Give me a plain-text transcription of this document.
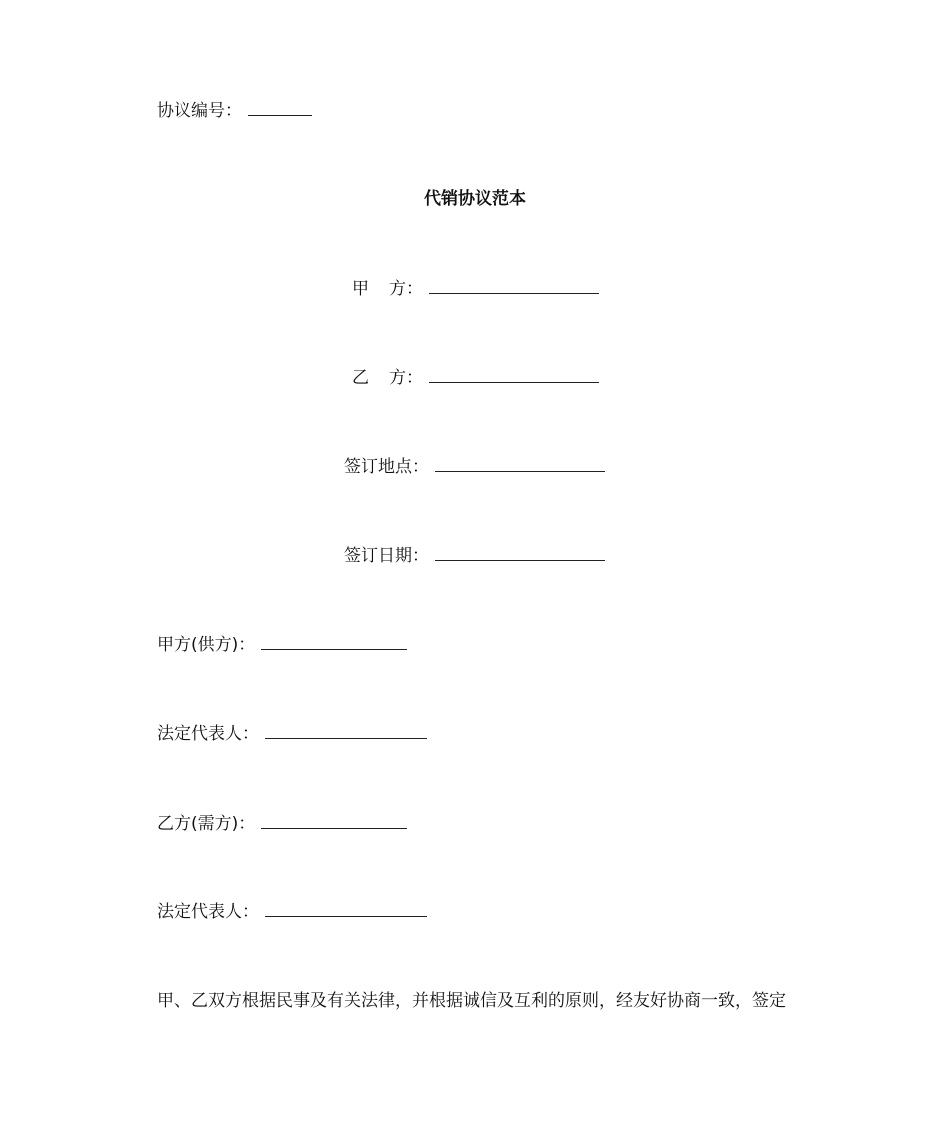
协议编号：
代销协议范本
甲 方：
乙 方：
签订地点：
签订日期：
甲方(供方)：
法定代表人：
乙方(需方)：
法定代表人：
甲、乙双方根据民事及有关法律，并根据诚信及互利的原则，经友好协商一致，签定
